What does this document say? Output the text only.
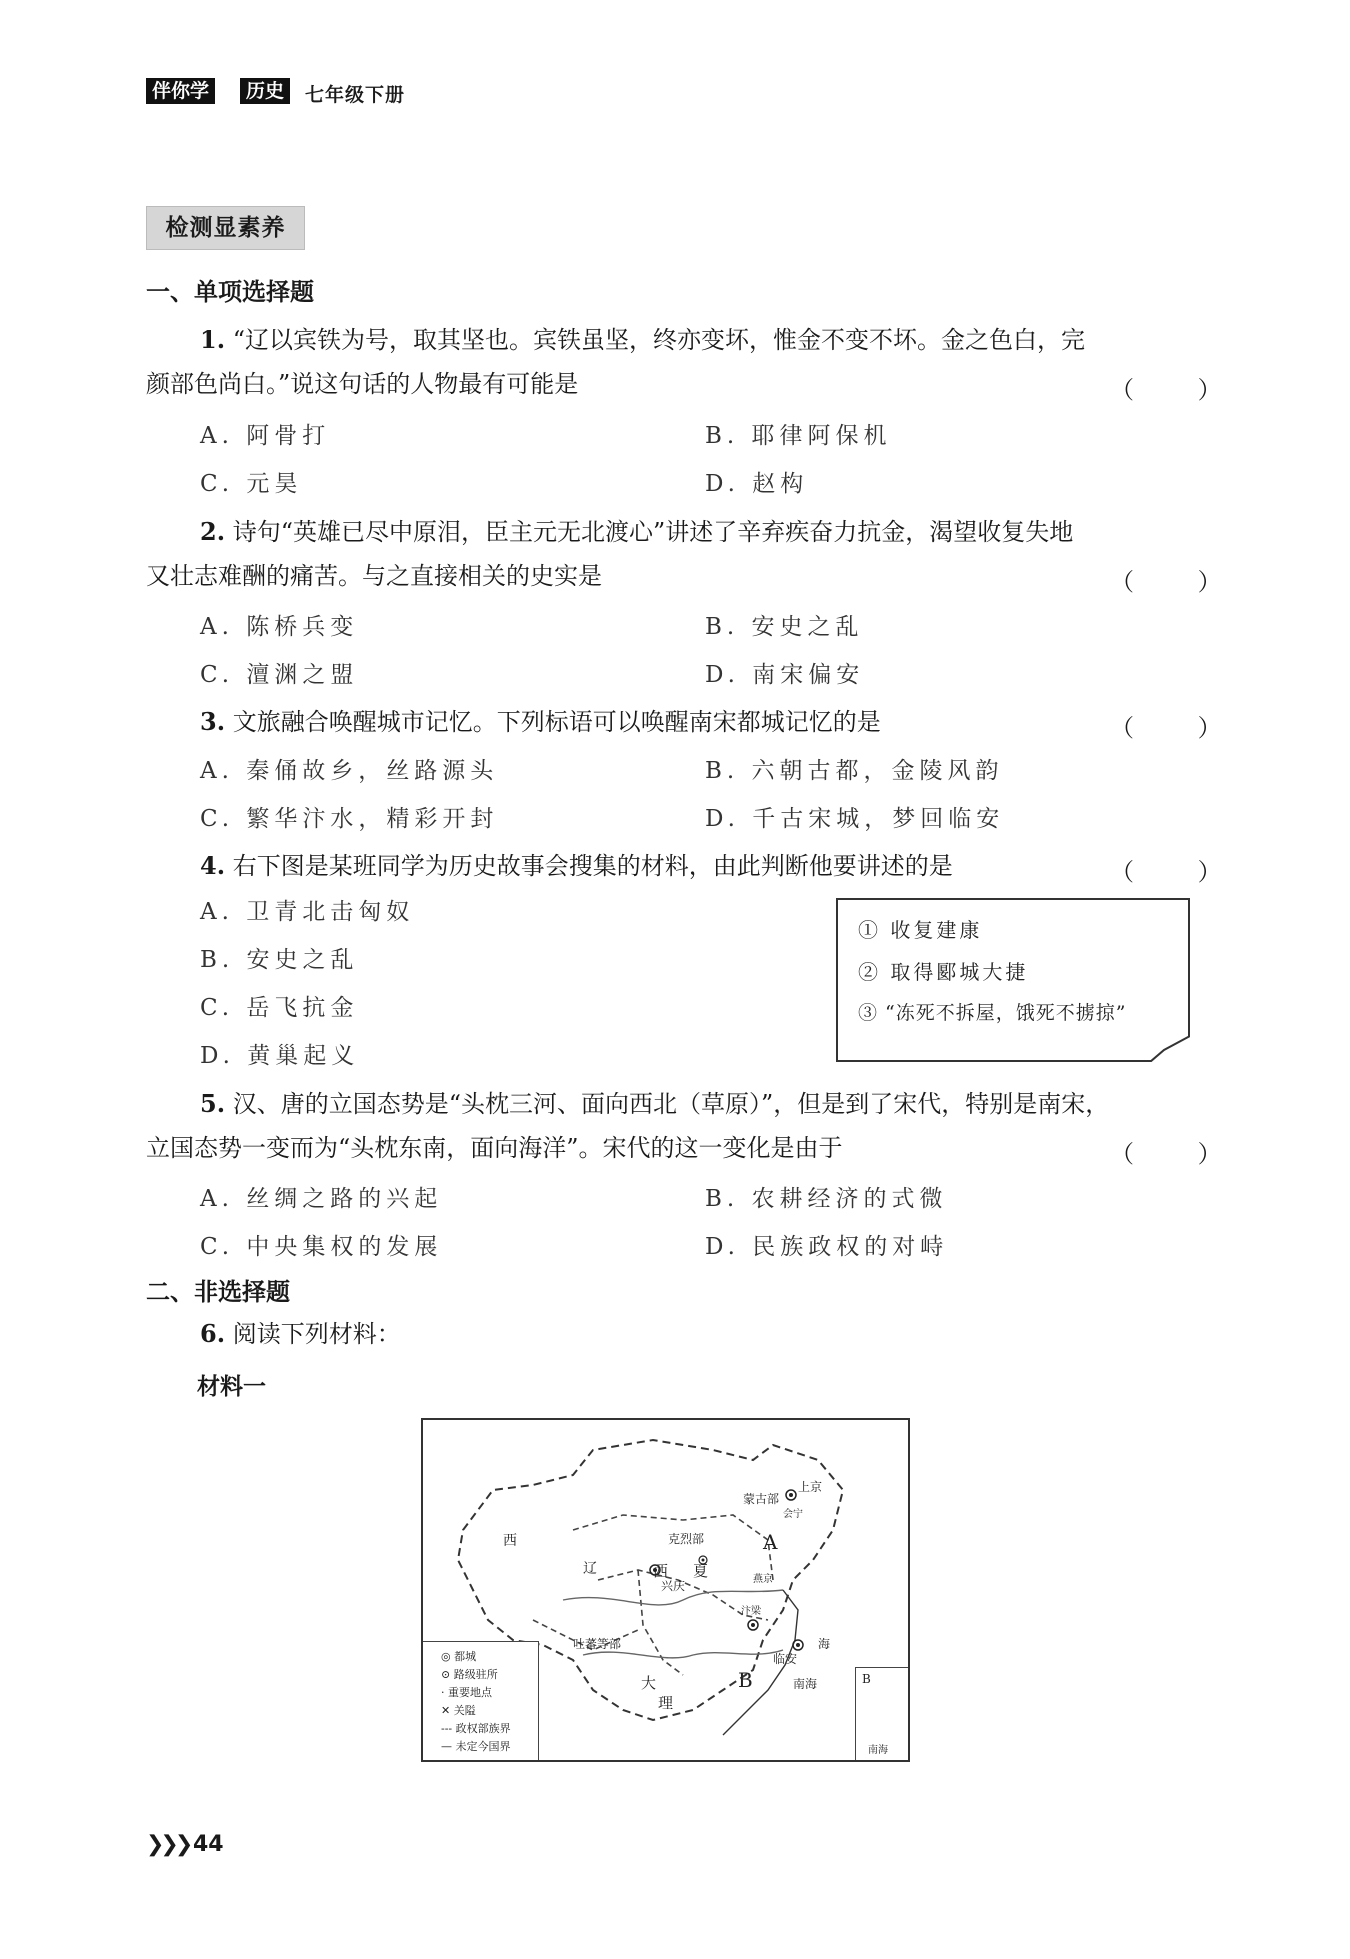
伴你学	历史	七年级下册
检测显素养
一、单项选择题
1. “辽以宾铁为号，取其坚也。宾铁虽坚，终亦变坏，惟金不变不坏。金之色白，完
颜部色尚白。”说这句话的人物最有可能是	（ ）
A. 阿骨打	B. 耶律阿保机
C. 元昊	D. 赵构
2. 诗句“英雄已尽中原泪，臣主元无北渡心”讲述了辛弃疾奋力抗金，渴望收复失地
又壮志难酬的痛苦。与之直接相关的史实是	（ ）
A. 陈桥兵变	B. 安史之乱
C. 澶渊之盟	D. 南宋偏安
3. 文旅融合唤醒城市记忆。下列标语可以唤醒南宋都城记忆的是	（ ）
A. 秦俑故乡，丝路源头	B. 六朝古都，金陵风韵
C. 繁华汴水，精彩开封	D. 千古宋城，梦回临安
4. 右下图是某班同学为历史故事会搜集的材料，由此判断他要讲述的是	（ ）
A. 卫青北击匈奴
B. 安史之乱
C. 岳飞抗金
D. 黄巢起义
① 收复建康
② 取得郾城大捷
③ “冻死不拆屋，饿死不掳掠”
5. 汉、唐的立国态势是“头枕三河、面向西北（草原）”，但是到了宋代，特别是南宋，
立国态势一变而为“头枕东南，面向海洋”。宋代的这一变化是由于	（ ）
A. 丝绸之路的兴起	B. 农耕经济的式微
C. 中央集权的发展	D. 民族政权的对峙
二、非选择题
6. 阅读下列材料：
材料一
西
辽
蒙古部
克烈部
上京
会宁
A
西 夏
兴庆	燕京
吐蕃等部
汴梁
临安
B
大
理
南海
海
◎ 都城
⊙ 路级驻所
· 重要地点
✕ 关隘
--- 政权部族界
— 未定今国界
B
南海
❯❯❯ 44
